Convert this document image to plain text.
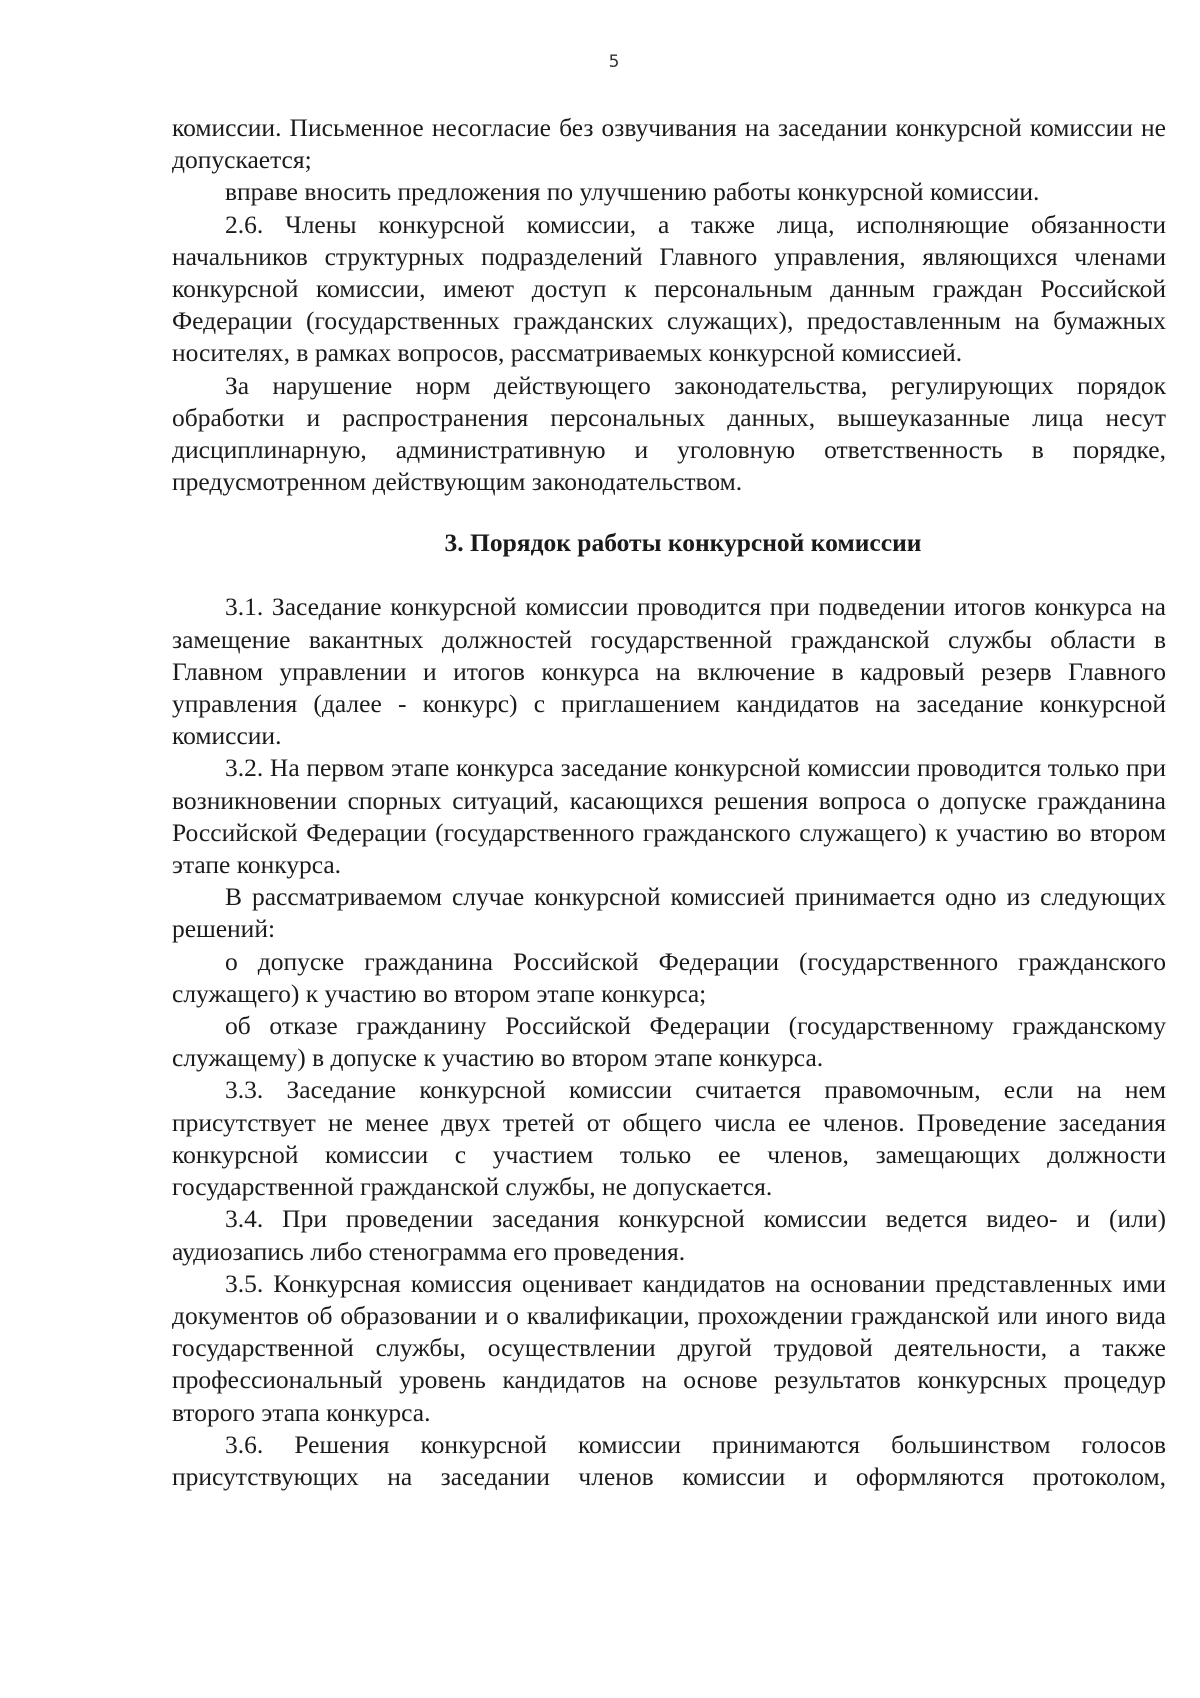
5

комиссии. Письменное несогласие без озвучивания на заседании конкурсной комиссии не допускается;

вправе вносить предложения по улучшению работы конкурсной комиссии.

2.6. Члены конкурсной комиссии, а также лица, исполняющие обязанности начальников структурных подразделений Главного управления, являющихся членами конкурсной комиссии, имеют доступ к персональным данным граждан Российской Федерации (государственных гражданских служащих), предоставленным на бумажных носителях, в рамках вопросов, рассматриваемых конкурсной комиссией.

За нарушение норм действующего законодательства, регулирующих порядок обработки и распространения персональных данных, вышеуказанные лица несут дисциплинарную, административную и уголовную ответственность в порядке, предусмотренном действующим законодательством.

3. Порядок работы конкурсной комиссии

3.1. Заседание конкурсной комиссии проводится при подведении итогов конкурса на замещение вакантных должностей государственной гражданской службы области в Главном управлении и итогов конкурса на включение в кадровый резерв Главного управления (далее - конкурс) с приглашением кандидатов на заседание конкурсной комиссии.

3.2. На первом этапе конкурса заседание конкурсной комиссии проводится только при возникновении спорных ситуаций, касающихся решения вопроса о допуске гражданина Российской Федерации (государственного гражданского служащего) к участию во втором этапе конкурса.

В рассматриваемом случае конкурсной комиссией принимается одно из следующих решений:

о допуске гражданина Российской Федерации (государственного гражданского служащего) к участию во втором этапе конкурса;

об отказе гражданину Российской Федерации (государственному гражданскому служащему) в допуске к участию во втором этапе конкурса.

3.3. Заседание конкурсной комиссии считается правомочным, если на нем присутствует не менее двух третей от общего числа ее членов. Проведение заседания конкурсной комиссии с участием только ее членов, замещающих должности государственной гражданской службы, не допускается.

3.4. При проведении заседания конкурсной комиссии ведется видео- и (или) аудиозапись либо стенограмма его проведения.

3.5. Конкурсная комиссия оценивает кандидатов на основании представленных ими документов об образовании и о квалификации, прохождении гражданской или иного вида государственной службы, осуществлении другой трудовой деятельности, а также профессиональный уровень кандидатов на основе результатов конкурсных процедур второго этапа конкурса.

3.6. Решения конкурсной комиссии принимаются большинством голосов присутствующих на заседании членов комиссии и оформляются протоколом,
